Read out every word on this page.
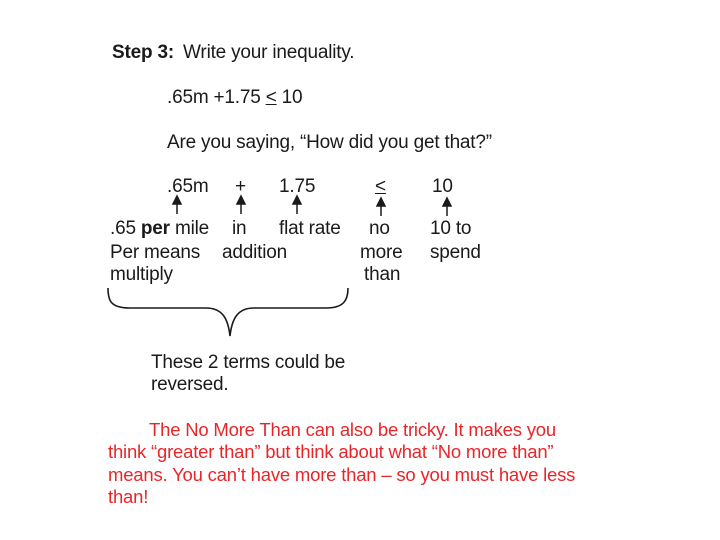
Step 3: Write your inequality.
.65m +1.75 < 10
Are you saying, “How did you get that?”
.65m + 1.75	< 10
.65 per mile
Per means
multiply
in
addition
flat rate no
more
than
10 to
spend
These 2 terms could be
reversed.
The No More Than can also be tricky. It makes you
think “greater than” but think about what “No more than”
means. You can’t have more than – so you must have less
than!
